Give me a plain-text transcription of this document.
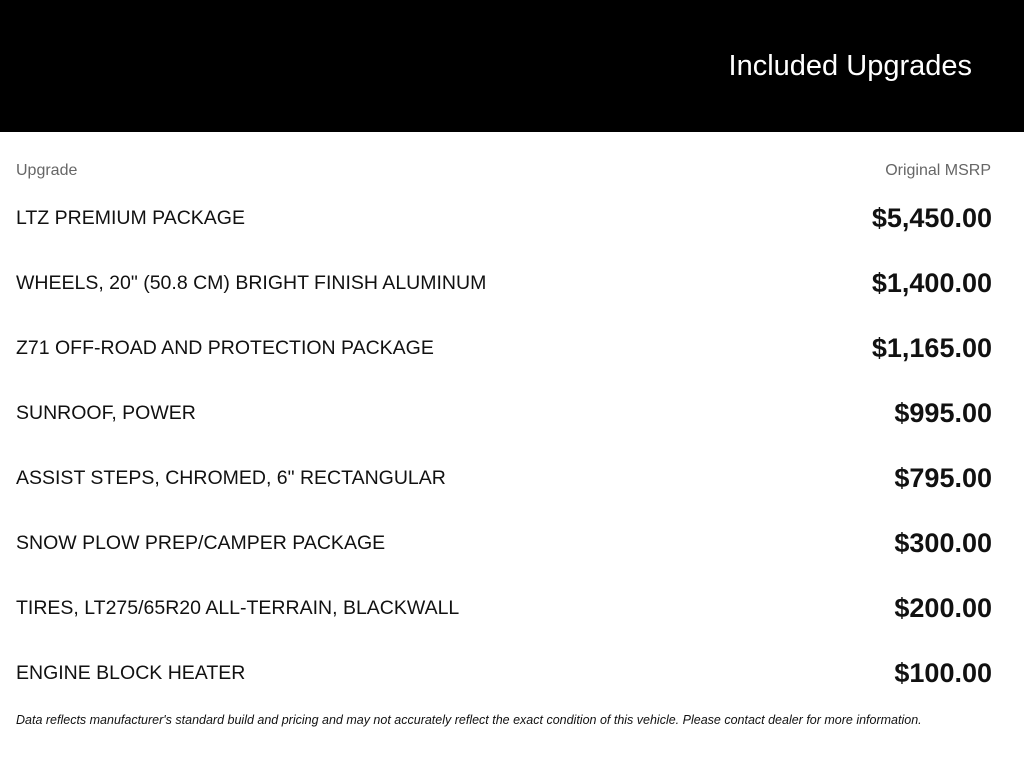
Included Upgrades
Upgrade	Original MSRP
LTZ PREMIUM PACKAGE	$5,450.00
WHEELS, 20" (50.8 CM) BRIGHT FINISH ALUMINUM	$1,400.00
Z71 OFF-ROAD AND PROTECTION PACKAGE	$1,165.00
SUNROOF, POWER	$995.00
ASSIST STEPS, CHROMED, 6" RECTANGULAR	$795.00
SNOW PLOW PREP/CAMPER PACKAGE	$300.00
TIRES, LT275/65R20 ALL-TERRAIN, BLACKWALL	$200.00
ENGINE BLOCK HEATER	$100.00
Data reflects manufacturer's standard build and pricing and may not accurately reflect the exact condition of this vehicle. Please contact dealer for more information.
